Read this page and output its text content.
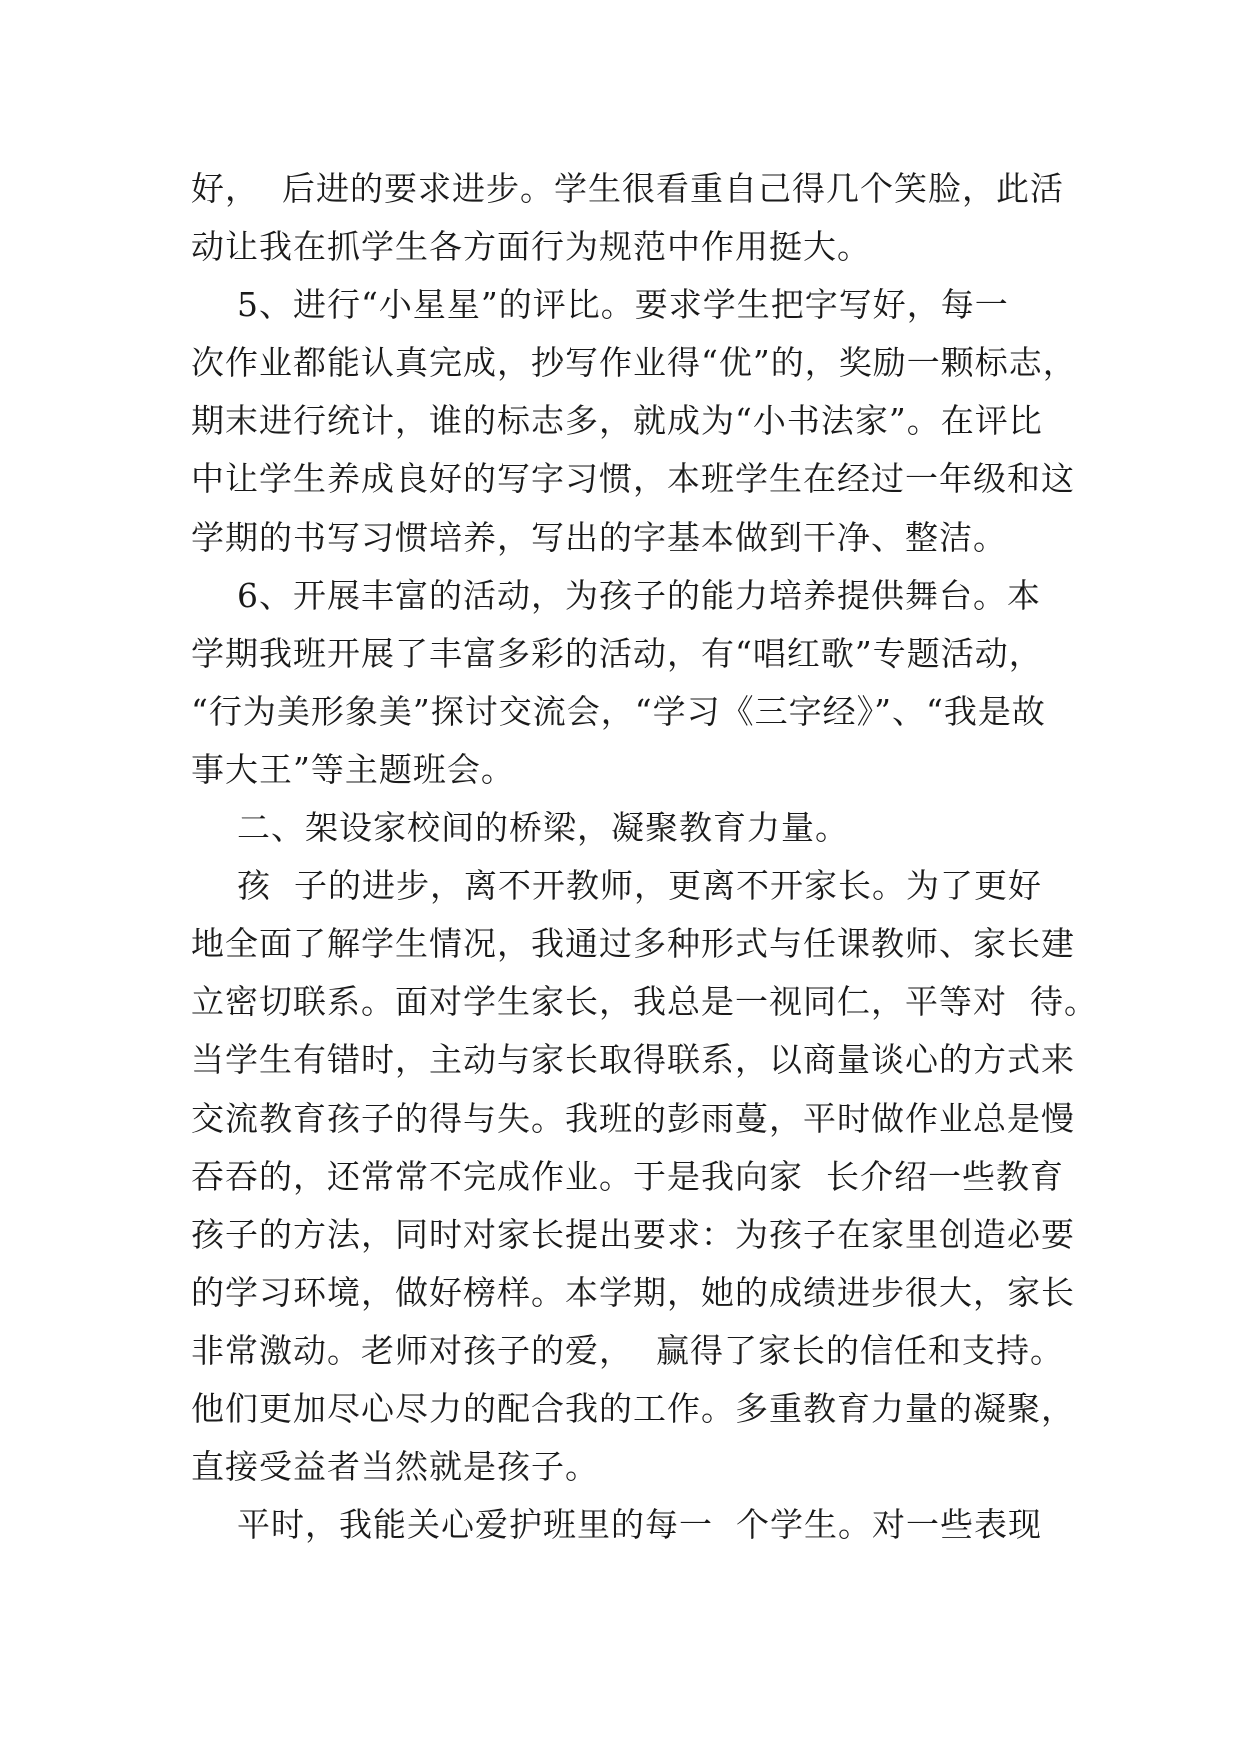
好，  后进的要求进步。学生很看重自己得几个笑脸，此活
动让我在抓学生各方面行为规范中作用挺大。
5、进行“小星星”的评比。要求学生把字写好，每一
次作业都能认真完成，抄写作业得“优”的，奖励一颗标志，
期末进行统计，谁的标志多，就成为“小书法家”。在评比
中让学生养成良好的写字习惯，本班学生在经过一年级和这
学期的书写习惯培养，写出的字基本做到干净、整洁。
6、开展丰富的活动，为孩子的能力培养提供舞台。本
学期我班开展了丰富多彩的活动，有“唱红歌”专题活动，
“行为美形象美”探讨交流会，“学习《三字经》”、“我是故
事大王”等主题班会。
二、架设家校间的桥梁，凝聚教育力量。
孩  子的进步，离不开教师，更离不开家长。为了更好
地全面了解学生情况，我通过多种形式与任课教师、家长建
立密切联系。面对学生家长，我总是一视同仁，平等对  待。
当学生有错时，主动与家长取得联系，以商量谈心的方式来
交流教育孩子的得与失。我班的彭雨蔓，平时做作业总是慢
吞吞的，还常常不完成作业。于是我向家  长介绍一些教育
孩子的方法，同时对家长提出要求：为孩子在家里创造必要
的学习环境，做好榜样。本学期，她的成绩进步很大，家长
非常激动。老师对孩子的爱，  赢得了家长的信任和支持。
他们更加尽心尽力的配合我的工作。多重教育力量的凝聚，
直接受益者当然就是孩子。
平时，我能关心爱护班里的每一  个学生。对一些表现
